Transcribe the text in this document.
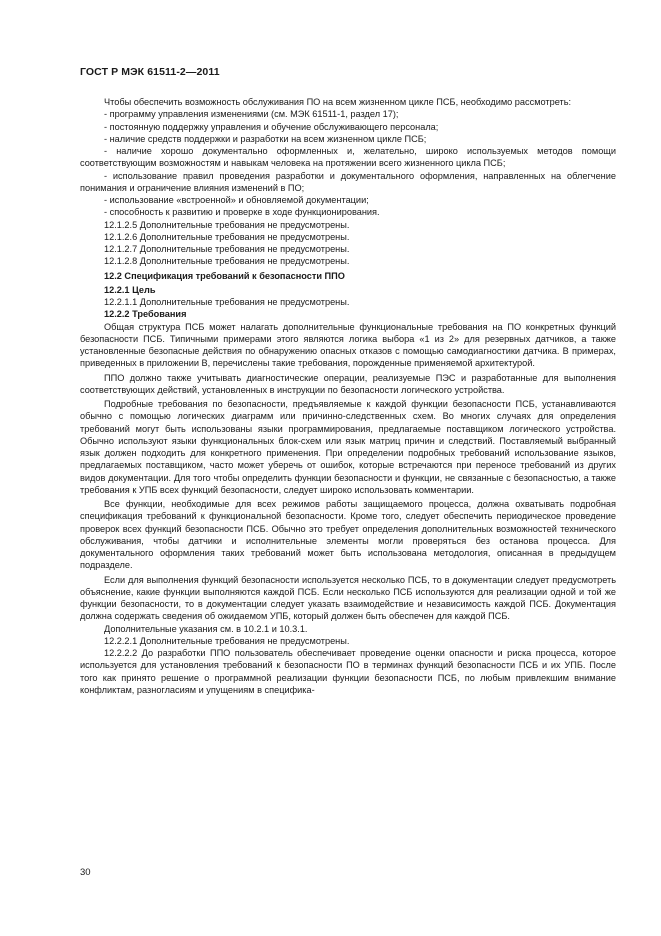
ГОСТ Р МЭК 61511-2—2011

Чтобы обеспечить возможность обслуживания ПО на всем жизненном цикле ПСБ, необходимо рассмотреть:

- программу управления изменениями (см. МЭК 61511-1, раздел 17);

- постоянную поддержку управления и обучение обслуживающего персонала;

- наличие средств поддержки и разработки на всем жизненном цикле ПСБ;

- наличие хорошо документально оформленных и, желательно, широко используемых методов помощи соответствующим возможностям и навыкам человека на протяжении всего жизненного цикла ПСБ;

- использование правил проведения разработки и документального оформления, направленных на облегчение понимания и ограничение влияния изменений в ПО;

- использование «встроенной» и обновляемой документации;

- способность к развитию и проверке в ходе функционирования.

12.1.2.5 Дополнительные требования не предусмотрены.

12.1.2.6 Дополнительные требования не предусмотрены.

12.1.2.7 Дополнительные требования не предусмотрены.

12.1.2.8 Дополнительные требования не предусмотрены.

12.2 Спецификация требований к безопасности ППО

12.2.1 Цель

12.2.1.1 Дополнительные требования не предусмотрены.

12.2.2 Требования

Общая структура ПСБ может налагать дополнительные функциональные требования на ПО конкретных функций безопасности ПСБ. Типичными примерами этого являются логика выбора «1 из 2» для резервных датчиков, а также установленные безопасные действия по обнаружению опасных отказов с помощью самодиагностики датчика. В примерах, приведенных в приложении В, перечислены такие требования, порожденные применяемой архитектурой.

ППО должно также учитывать диагностические операции, реализуемые ПЭС и разработанные для выполнения соответствующих действий, установленных в инструкции по безопасности логического устройства.

Подробные требования по безопасности, предъявляемые к каждой функции безопасности ПСБ, устанавливаются обычно с помощью логических диаграмм или причинно-следственных схем. Во многих случаях для определения требований могут быть использованы языки программирования, предлагаемые поставщиком логического устройства. Обычно используют языки функциональных блок-схем или язык матриц причин и следствий. Поставляемый выбранный язык должен подходить для конкретного применения. При определении подробных требований использование языков, предлагаемых поставщиком, часто может уберечь от ошибок, которые встречаются при переносе требований из других видов документации. Для того чтобы определить функции безопасности и функции, не связанные с безопасностью, а также требования к УПБ всех функций безопасности, следует широко использовать комментарии.

Все функции, необходимые для всех режимов работы защищаемого процесса, должна охватывать подробная спецификация требований к функциональной безопасности. Кроме того, следует обеспечить периодическое проведение проверок всех функций безопасности ПСБ. Обычно это требует определения дополнительных возможностей технического обслуживания, чтобы датчики и исполнительные элементы могли проверяться без останова процесса. Для документального оформления таких требований может быть использована методология, описанная в предыдущем подразделе.

Если для выполнения функций безопасности используется несколько ПСБ, то в документации следует предусмотреть объяснение, какие функции выполняются каждой ПСБ. Если несколько ПСБ используются для реализации одной и той же функции безопасности, то в документации следует указать взаимодействие и независимость каждой ПСБ. Документация должна содержать сведения об ожидаемом УПБ, который должен быть обеспечен для каждой ПСБ.

Дополнительные указания см. в 10.2.1 и 10.3.1.

12.2.2.1 Дополнительные требования не предусмотрены.

12.2.2.2 До разработки ППО пользователь обеспечивает проведение оценки опасности и риска процесса, которое используется для установления требований к безопасности ПО в терминах функций безопасности ПСБ и их УПБ. После того как принято решение о программной реализации функции безопасности ПСБ, по любым привлекшим внимание конфликтам, разногласиям и упущениям в специфика-

30
